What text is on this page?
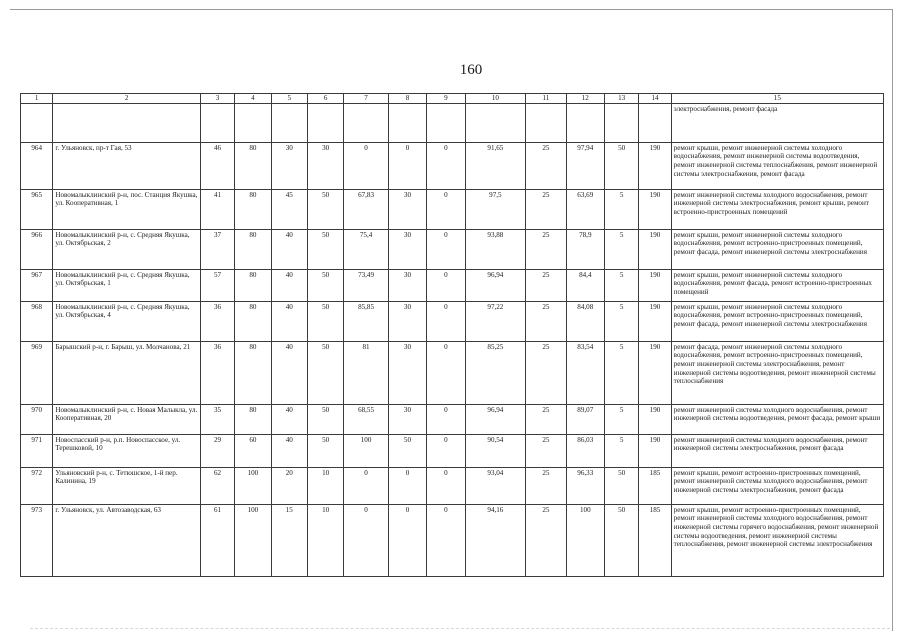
160
1	2	3	4	5	6	7	8	9	10	11	12	13	14	15
														электроснабжения, ремонт фасада
964	г. Ульяновск, пр-т Гая, 53	46	80	30	30	0	0	0	91,65	25	97,94	50	190	ремонт крыши, ремонт инженерной системы холодного водоснабжения, ремонт инженерной системы водоотведения, ремонт инженерной системы теплоснабжения, ремонт инженерной системы электроснабжения, ремонт фасада
965	Новомалыклинский р-н, пос. Станция Якушка, ул. Кооперативная, 1	41	80	45	50	67,83	30	0	97,5	25	63,69	5	190	ремонт инженерной системы холодного водоснабжения, ремонт инженерной системы электроснабжения, ремонт крыши, ремонт встроенно-пристроенных помещений
966	Новомалыклинский р-н, с. Средняя Якушка, ул. Октябрьская, 2	37	80	40	50	75,4	30	0	93,88	25	78,9	5	190	ремонт крыши, ремонт инженерной системы холодного водоснабжения, ремонт встроенно-пристроенных помещений, ремонт фасада, ремонт инженерной системы электроснабжения
967	Новомалыклинский р-н, с. Средняя Якушка, ул. Октябрьская, 1	57	80	40	50	73,49	30	0	96,94	25	84,4	5	190	ремонт крыши, ремонт инженерной системы холодного водоснабжения, ремонт фасада, ремонт встроенно-пристроенных помещений
968	Новомалыклинский р-н, с. Средняя Якушка, ул. Октябрьская, 4	36	80	40	50	85,85	30	0	97,22	25	84,08	5	190	ремонт крыши, ремонт инженерной системы холодного водоснабжения, ремонт встроенно-пристроенных помещений, ремонт фасада, ремонт инженерной системы электроснабжения
969	Барышский р-н, г. Барыш, ул. Молчанова, 21	36	80	40	50	81	30	0	85,25	25	83,54	5	190	ремонт фасада, ремонт инженерной системы холодного водоснабжения, ремонт встроенно-пристроенных помещений, ремонт инженерной системы электроснабжения, ремонт инженерной системы водоотведения, ремонт инженерной системы теплоснабжения
970	Новомалыклинский р-н, с. Новая Малыкла, ул. Кооперативная, 20	35	80	40	50	68,55	30	0	96,94	25	89,07	5	190	ремонт инженерной системы холодного водоснабжения, ремонт инженерной системы водоотведения, ремонт фасада, ремонт крыши
971	Новоспасский р-н, р.п. Новоспасское, ул. Терешковой, 10	29	60	40	50	100	50	0	90,54	25	86,03	5	190	ремонт инженерной системы холодного водоснабжения, ремонт инженерной системы электроснабжения, ремонт фасада
972	Ульяновский р-н, с. Тетюшское, 1-й пер. Калинина, 19	62	100	20	10	0	0	0	93,04	25	96,33	50	185	ремонт крыши, ремонт встроенно-пристроенных помещений, ремонт инженерной системы холодного водоснабжения, ремонт инженерной системы электроснабжения, ремонт фасада
973	г. Ульяновск, ул. Автозаводская, 63	61	100	15	10	0	0	0	94,16	25	100	50	185	ремонт крыши, ремонт встроенно-пристроенных помещений, ремонт инженерной системы холодного водоснабжения, ремонт инженерной системы горячего водоснабжения, ремонт инженерной системы водоотведения, ремонт инженерной системы теплоснабжения, ремонт инженерной системы электроснабжения
